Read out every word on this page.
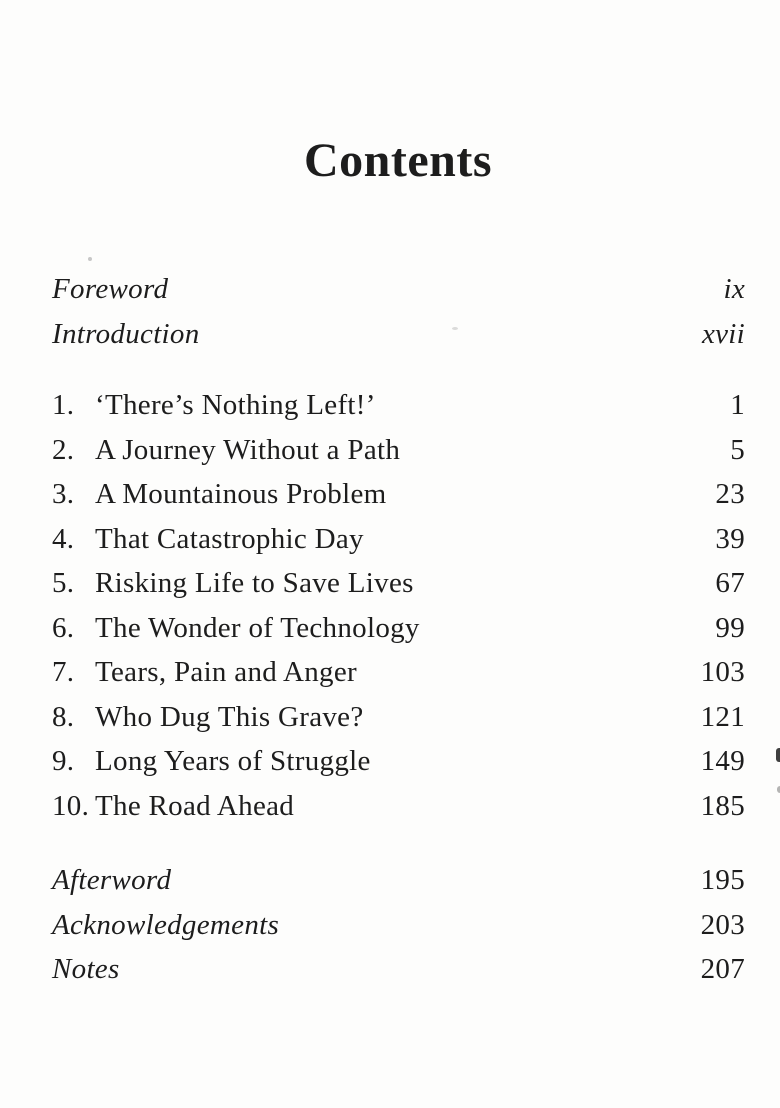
Contents
Foreword	ix
Introduction	xvii
1. ‘There’s Nothing Left!’	1
2. A Journey Without a Path	5
3. A Mountainous Problem	23
4. That Catastrophic Day	39
5. Risking Life to Save Lives	67
6. The Wonder of Technology	99
7. Tears, Pain and Anger	103
8. Who Dug This Grave?	121
9. Long Years of Struggle	149
10. The Road Ahead	185
Afterword	195
Acknowledgements	203
Notes	207
